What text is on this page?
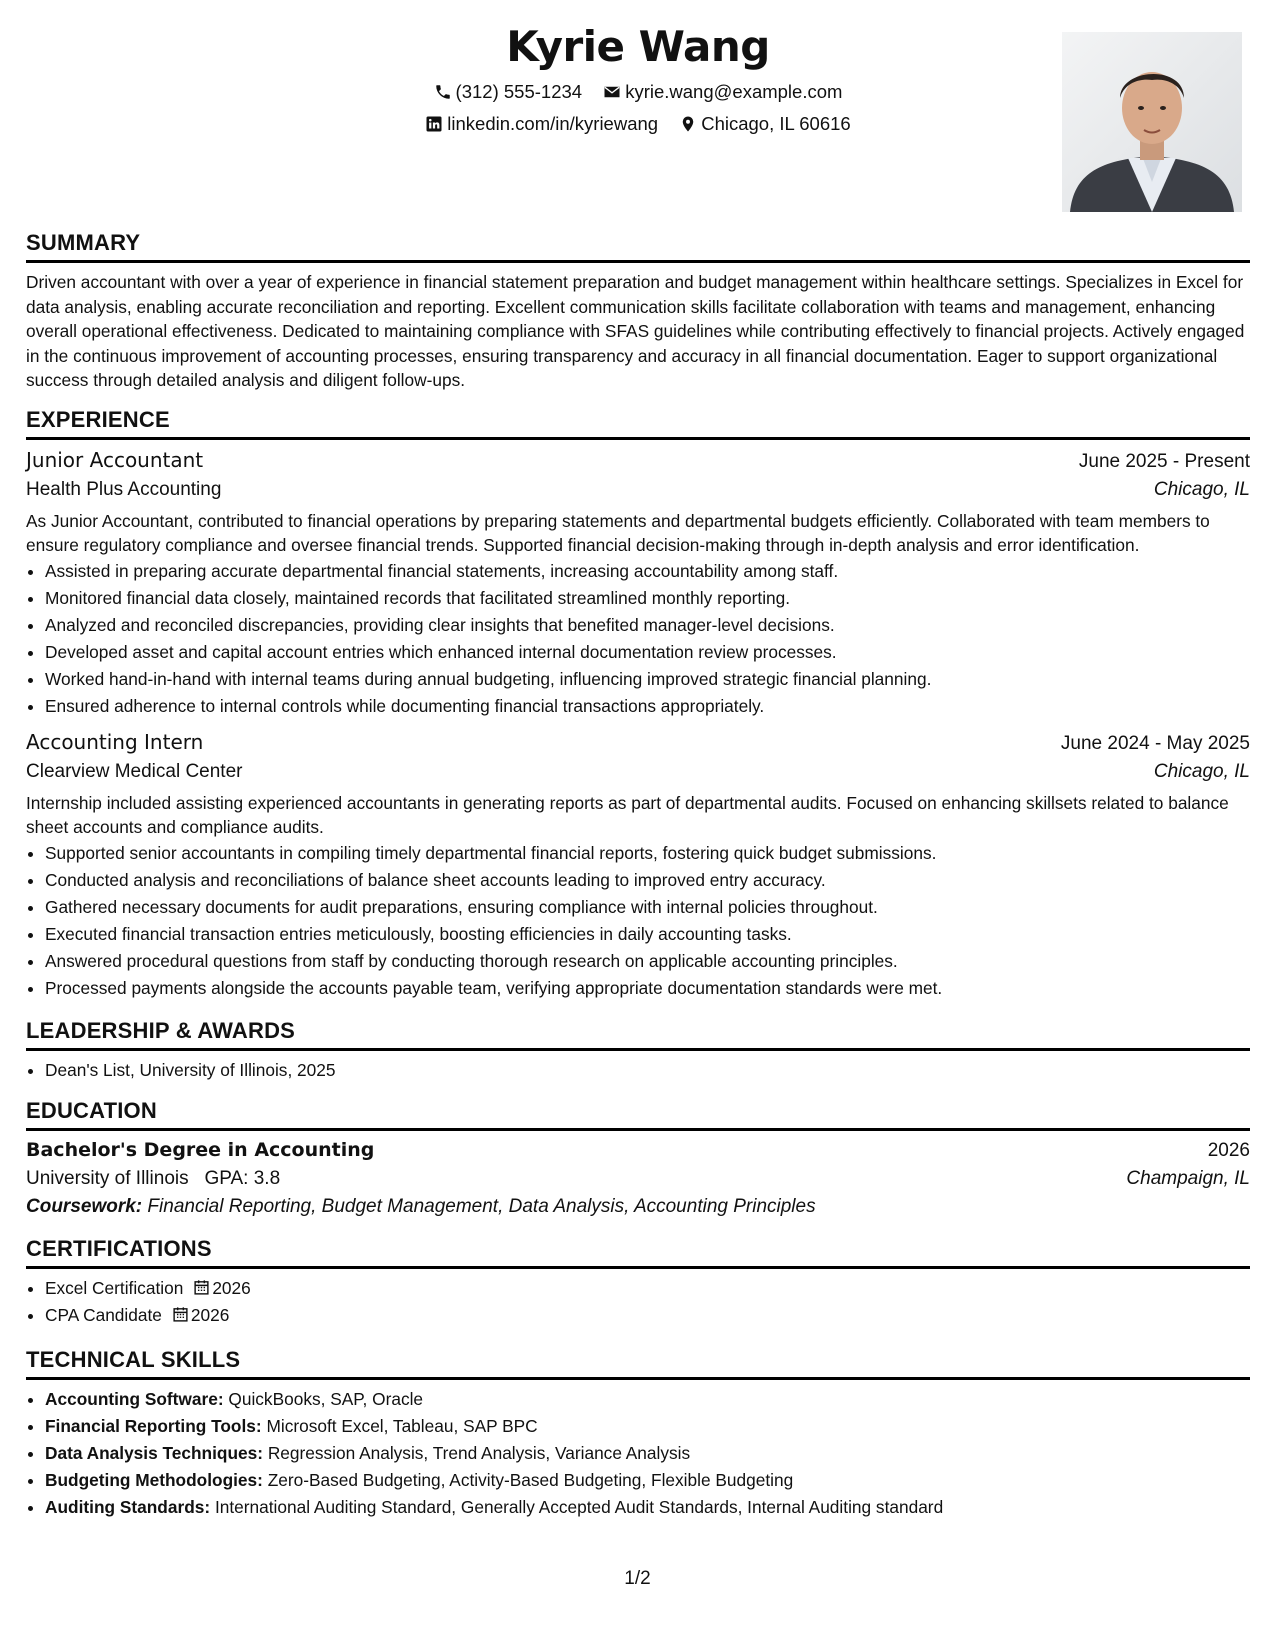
Kyrie Wang
(312) 555-1234
kyrie.wang@example.com
linkedin.com/in/kyriewang
Chicago, IL 60616
SUMMARY

Driven accountant with over a year of experience in financial statement preparation and budget management within healthcare settings. Specializes in Excel for data analysis, enabling accurate reconciliation and reporting. Excellent communication skills facilitate collaboration with teams and management, enhancing overall operational effectiveness. Dedicated to maintaining compliance with SFAS guidelines while contributing effectively to financial projects. Actively engaged in the continuous improvement of accounting processes, ensuring transparency and accuracy in all financial documentation. Eager to support organizational success through detailed analysis and diligent follow-ups.

EXPERIENCE
Junior Accountant	June 2025 - Present
Health Plus Accounting	Chicago, IL

As Junior Accountant, contributed to financial operations by preparing statements and departmental budgets efficiently. Collaborated with team members to ensure regulatory compliance and oversee financial trends. Supported financial decision-making through in-depth analysis and error identification.

• Assisted in preparing accurate departmental financial statements, increasing accountability among staff.
• Monitored financial data closely, maintained records that facilitated streamlined monthly reporting.
• Analyzed and reconciled discrepancies, providing clear insights that benefited manager-level decisions.
• Developed asset and capital account entries which enhanced internal documentation review processes.
• Worked hand-in-hand with internal teams during annual budgeting, influencing improved strategic financial planning.
• Ensured adherence to internal controls while documenting financial transactions appropriately.
Accounting Intern	June 2024 - May 2025
Clearview Medical Center	Chicago, IL

Internship included assisting experienced accountants in generating reports as part of departmental audits. Focused on enhancing skillsets related to balance sheet accounts and compliance audits.

• Supported senior accountants in compiling timely departmental financial reports, fostering quick budget submissions.
• Conducted analysis and reconciliations of balance sheet accounts leading to improved entry accuracy.
• Gathered necessary documents for audit preparations, ensuring compliance with internal policies throughout.
• Executed financial transaction entries meticulously, boosting efficiencies in daily accounting tasks.
• Answered procedural questions from staff by conducting thorough research on applicable accounting principles.
• Processed payments alongside the accounts payable team, verifying appropriate documentation standards were met.
LEADERSHIP & AWARDS
• Dean's List, University of Illinois, 2025
EDUCATION
Bachelor's Degree in Accounting	2026
University of Illinois GPA: 3.8	Champaign, IL
Coursework: Financial Reporting, Budget Management, Data Analysis, Accounting Principles
CERTIFICATIONS
• Excel Certification 2026
• CPA Candidate 2026
TECHNICAL SKILLS
• Accounting Software: QuickBooks, SAP, Oracle
• Financial Reporting Tools: Microsoft Excel, Tableau, SAP BPC
• Data Analysis Techniques: Regression Analysis, Trend Analysis, Variance Analysis
• Budgeting Methodologies: Zero-Based Budgeting, Activity-Based Budgeting, Flexible Budgeting
• Auditing Standards: International Auditing Standard, Generally Accepted Audit Standards, Internal Auditing standard
1/2
